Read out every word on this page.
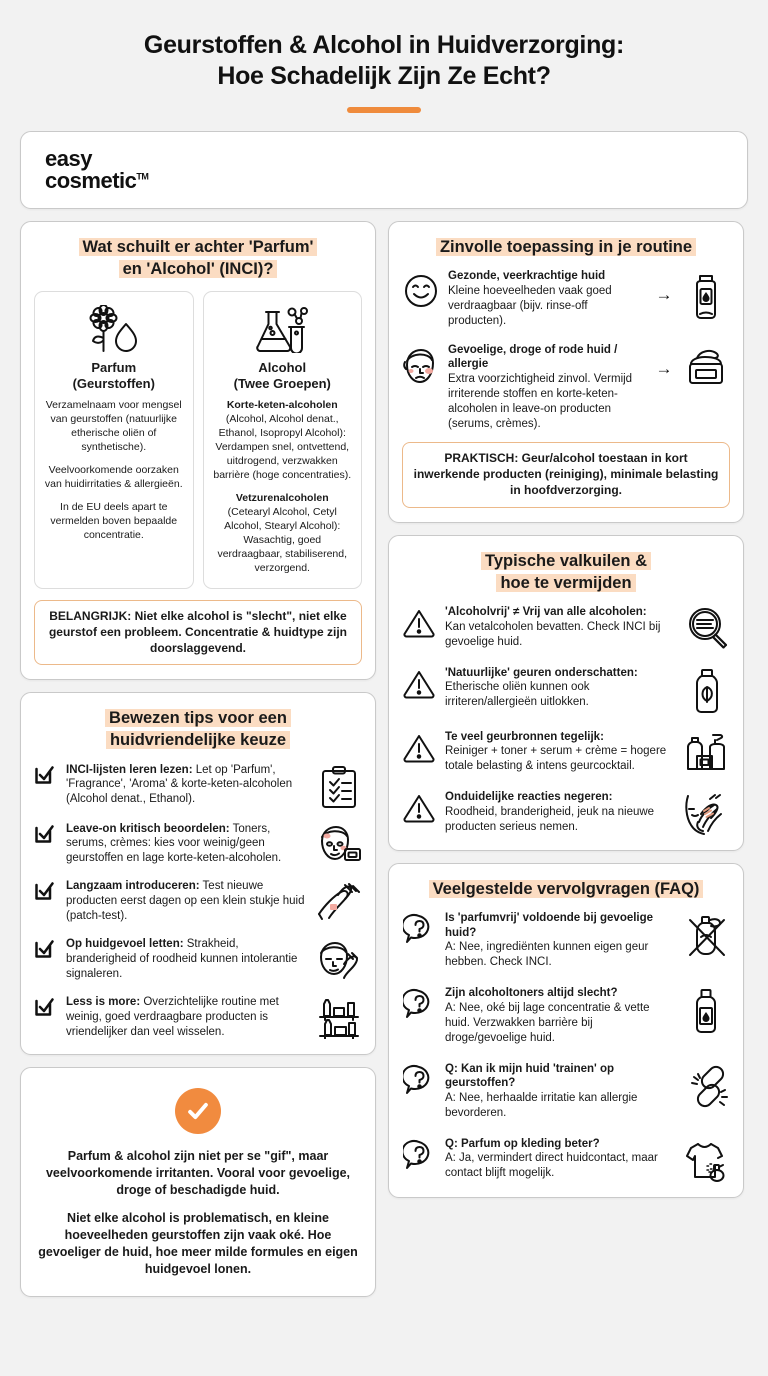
Geurstoffen & Alcohol in Huidverzorging:
Hoe Schadelijk Zijn Ze Echt?
easy
cosmetic™
Wat schuilt er achter 'Parfum'
en 'Alcohol' (INCI)?
Parfum
(Geurstoffen)

Verzamelnaam voor mengsel van geurstoffen (natuurlijke etherische oliën of synthetische).

Veelvoorkomende oorzaken van huidirritaties & allergieën.

In de EU deels apart te vermelden boven bepaalde concentratie.

Alcohol
(Twee Groepen)

Korte-keten-alcoholen
(Alcohol, Alcohol denat., Ethanol, Isopropyl Alcohol): Verdampen snel, ontvettend, uitdrogend, verzwakken barrière (hoge concentraties).

Vetzurenalcoholen
(Cetearyl Alcohol, Cetyl Alcohol, Stearyl Alcohol): Wasachtig, goed verdraagbaar, stabiliserend, verzorgend.

BELANGRIJK: Niet elke alcohol is "slecht", niet elke geurstof een probleem. Concentratie & huidtype zijn doorslaggevend.
Bewezen tips voor een
huidvriendelijke keuze
INCI-lijsten leren lezen: Let op 'Parfum', 'Fragrance', 'Aroma' & korte-keten-alcoholen (Alcohol denat., Ethanol).
Leave-on kritisch beoordelen: Toners, serums, crèmes: kies voor weinig/geen geurstoffen en lage korte-keten-alcoholen.
Langzaam introduceren: Test nieuwe producten eerst dagen op een klein stukje huid (patch-test).
Op huidgevoel letten: Strakheid, branderigheid of roodheid kunnen intolerantie signaleren.
Less is more: Overzichtelijke routine met weinig, goed verdraagbare producten is vriendelijker dan veel wisselen.

Parfum & alcohol zijn niet per se "gif", maar veelvoorkomende irritanten. Vooral voor gevoelige, droge of beschadigde huid.

Niet elke alcohol is problematisch, en kleine hoeveelheden geurstoffen zijn vaak oké. Hoe gevoeliger de huid, hoe meer milde formules en eigen huidgevoel lonen.

Zinvolle toepassing in je routine
Gezonde, veerkrachtige huid
Kleine hoeveelheden vaak goed verdraagbaar (bijv. rinse-off producten).
→
Gevoelige, droge of rode huid / allergie
Extra voorzichtigheid zinvol. Vermijd irriterende stoffen en korte-keten-alcoholen in leave-on producten (serums, crèmes).
→
PRAKTISCH: Geur/alcohol toestaan in kort inwerkende producten (reiniging), minimale belasting in hoofdverzorging.
Typische valkuilen &
hoe te vermijden
'Alcoholvrij' ≠ Vrij van alle alcoholen:
Kan vetalcoholen bevatten. Check INCI bij gevoelige huid.
'Natuurlijke' geuren onderschatten:
Etherische oliën kunnen ook irriteren/allergieën uitlokken.
Te veel geurbronnen tegelijk:
Reiniger + toner + serum + crème = hogere totale belasting & intens geurcocktail.
Onduidelijke reacties negeren:
Roodheid, branderigheid, jeuk na nieuwe producten serieus nemen.
Veelgestelde vervolgvragen (FAQ)
Is 'parfumvrij' voldoende bij gevoelige huid?
A: Nee, ingrediënten kunnen eigen geur hebben. Check INCI.
Zijn alcoholtoners altijd slecht?
A: Nee, oké bij lage concentratie & vette huid. Verzwakken barrière bij droge/gevoelige huid.
Q: Kan ik mijn huid 'trainen' op geurstoffen?
A: Nee, herhaalde irritatie kan allergie bevorderen.
Q: Parfum op kleding beter?
A: Ja, vermindert direct huidcontact, maar contact blijft mogelijk.
